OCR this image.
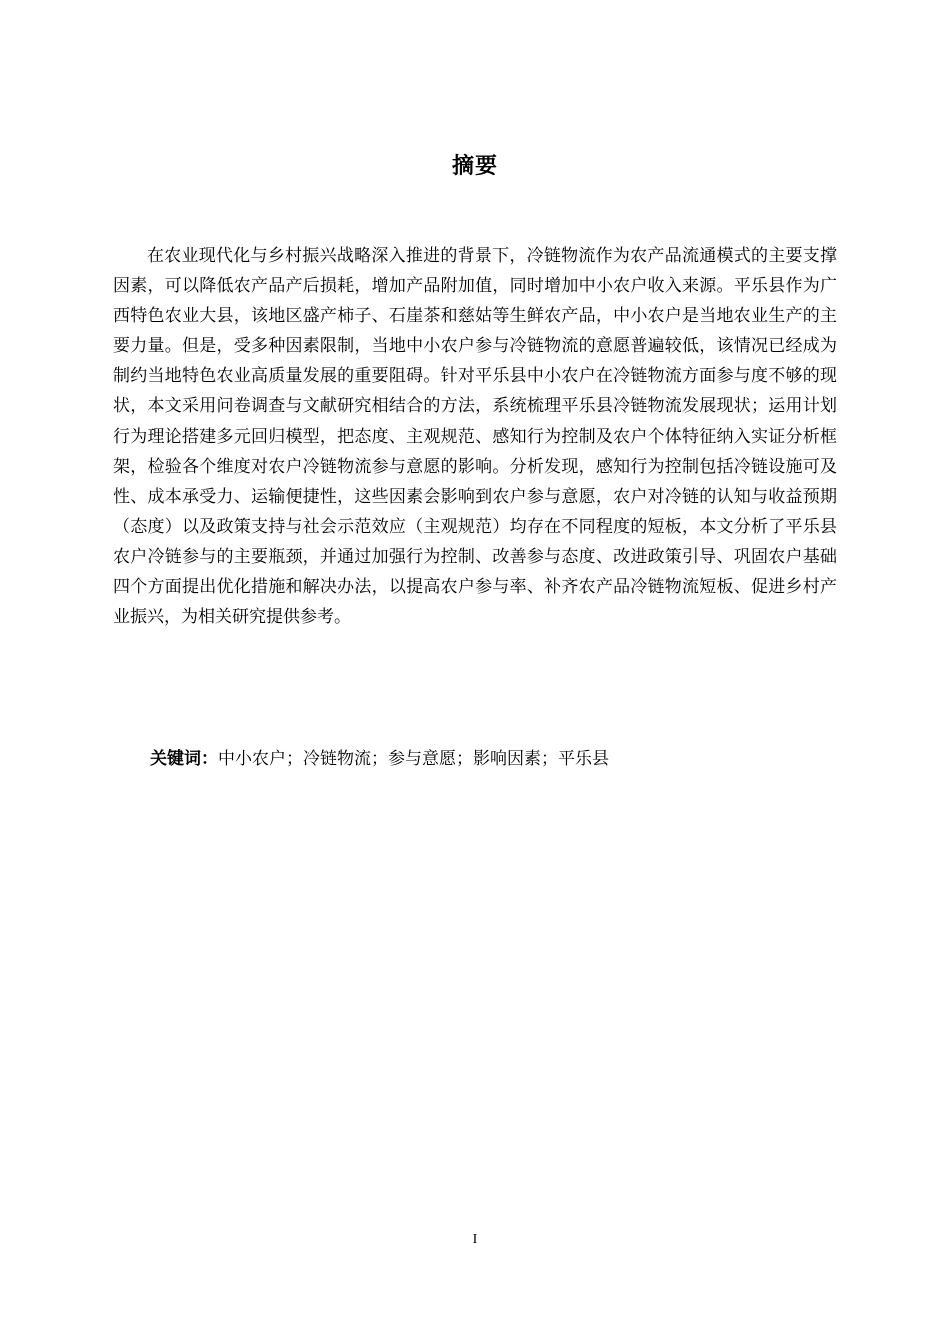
摘要

在农业现代化与乡村振兴战略深入推进的背景下，冷链物流作为农产品流通模式的主要支撑因素，可以降低农产品产后损耗，增加产品附加值，同时增加中小农户收入来源。平乐县作为广西特色农业大县，该地区盛产柿子、石崖茶和慈姑等生鲜农产品，中小农户是当地农业生产的主要力量。但是，受多种因素限制，当地中小农户参与冷链物流的意愿普遍较低，该情况已经成为制约当地特色农业高质量发展的重要阻碍。针对平乐县中小农户在冷链物流方面参与度不够的现状，本文采用问卷调查与文献研究相结合的方法，系统梳理平乐县冷链物流发展现状；运用计划行为理论搭建多元回归模型，把态度、主观规范、感知行为控制及农户个体特征纳入实证分析框架，检验各个维度对农户冷链物流参与意愿的影响。分析发现，感知行为控制包括冷链设施可及性、成本承受力、运输便捷性，这些因素会影响到农户参与意愿，农户对冷链的认知与收益预期（态度）以及政策支持与社会示范效应（主观规范）均存在不同程度的短板，本文分析了平乐县农户冷链参与的主要瓶颈，并通过加强行为控制、改善参与态度、改进政策引导、巩固农户基础四个方面提出优化措施和解决办法，以提高农户参与率、补齐农产品冷链物流短板、促进乡村产业振兴，为相关研究提供参考。

关键词：中小农户；冷链物流；参与意愿；影响因素；平乐县
I
